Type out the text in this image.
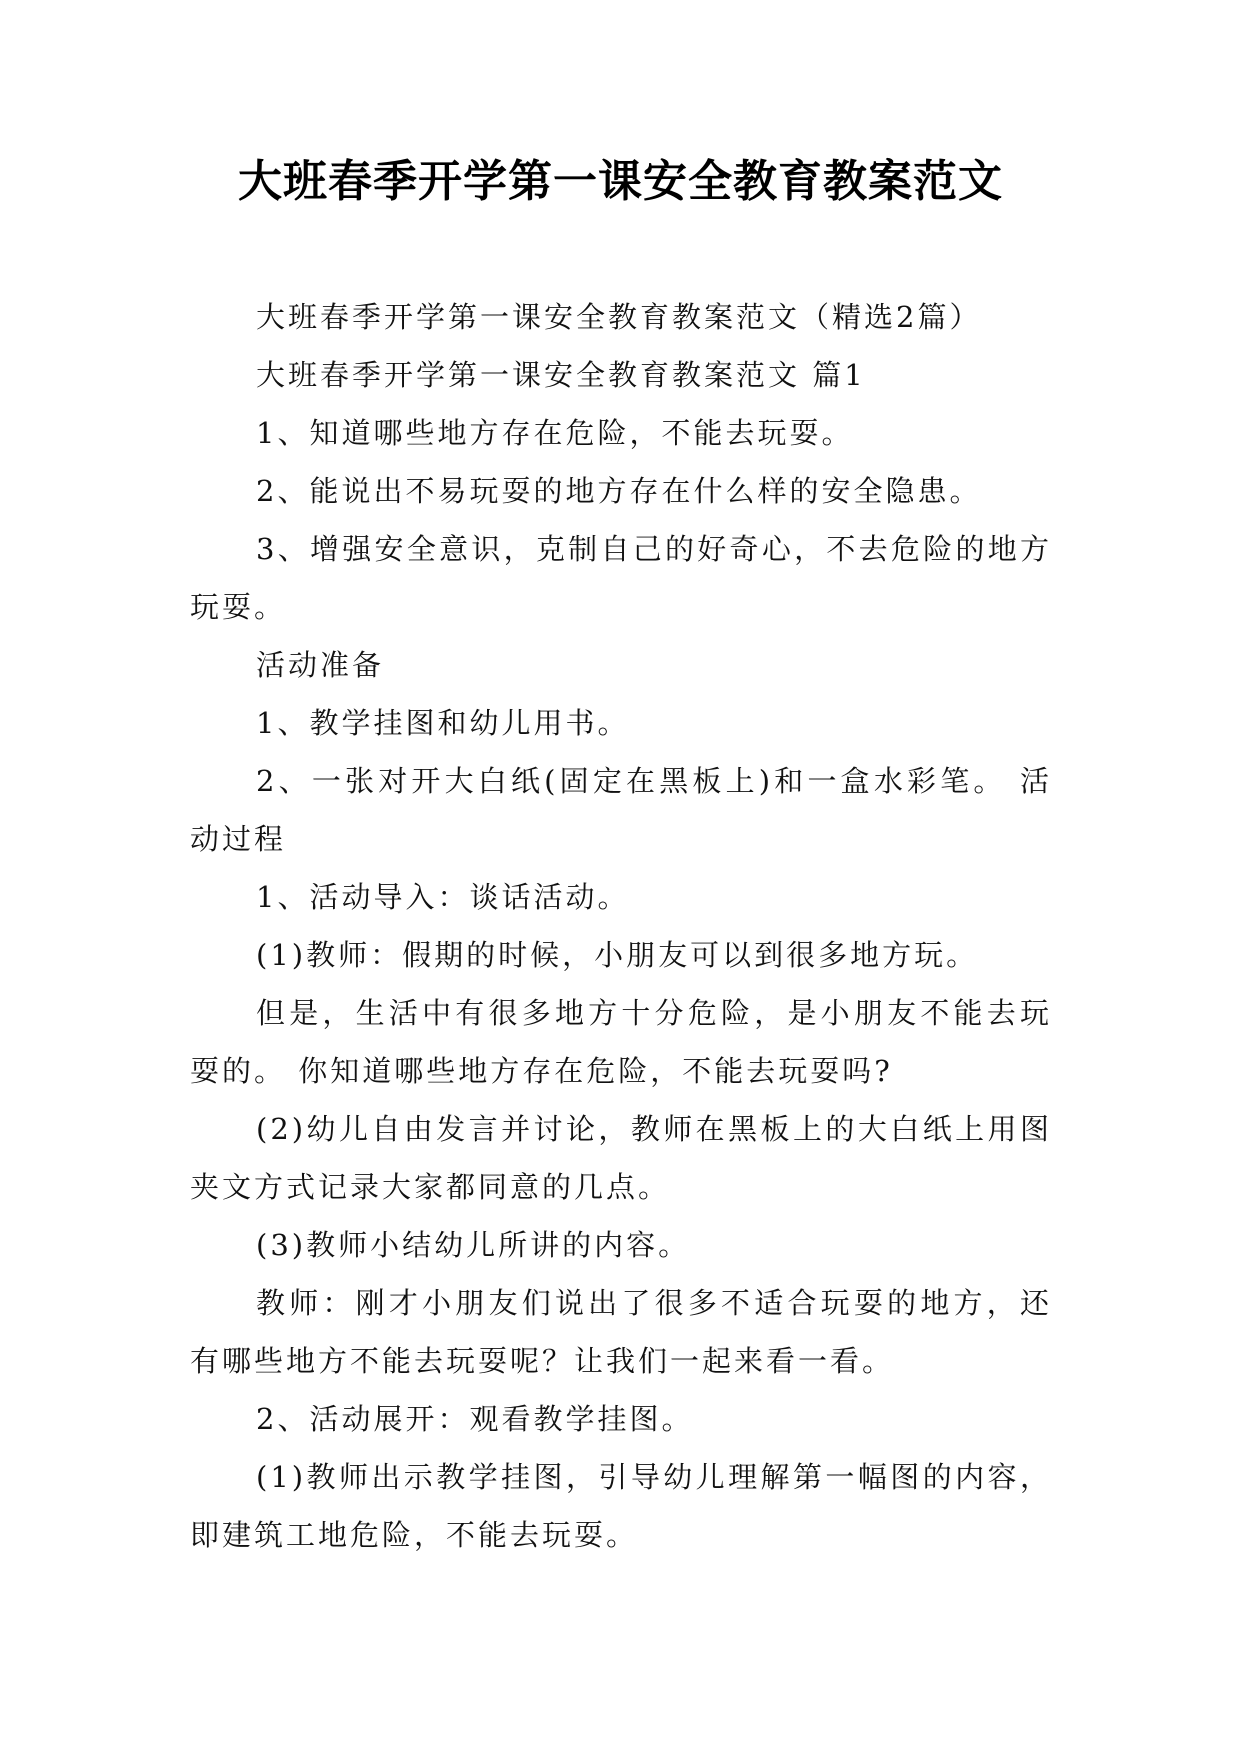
大班春季开学第一课安全教育教案范文

大班春季开学第一课安全教育教案范文（精选2篇）

大班春季开学第一课安全教育教案范文 篇1

1、知道哪些地方存在危险，不能去玩耍。

2、能说出不易玩耍的地方存在什么样的安全隐患。

3、增强安全意识，克制自己的好奇心，不去危险的地方玩耍。

活动准备

1、教学挂图和幼儿用书。

2、一张对开大白纸(固定在黑板上)和一盒水彩笔。 活动过程

1、活动导入：谈话活动。

(1)教师：假期的时候，小朋友可以到很多地方玩。

但是，生活中有很多地方十分危险，是小朋友不能去玩耍的。 你知道哪些地方存在危险，不能去玩耍吗?

(2)幼儿自由发言并讨论，教师在黑板上的大白纸上用图夹文方式记录大家都同意的几点。

(3)教师小结幼儿所讲的内容。

教师：刚才小朋友们说出了很多不适合玩耍的地方，还有哪些地方不能去玩耍呢？让我们一起来看一看。

2、活动展开：观看教学挂图。

(1)教师出示教学挂图，引导幼儿理解第一幅图的内容，即建筑工地危险，不能去玩耍。
